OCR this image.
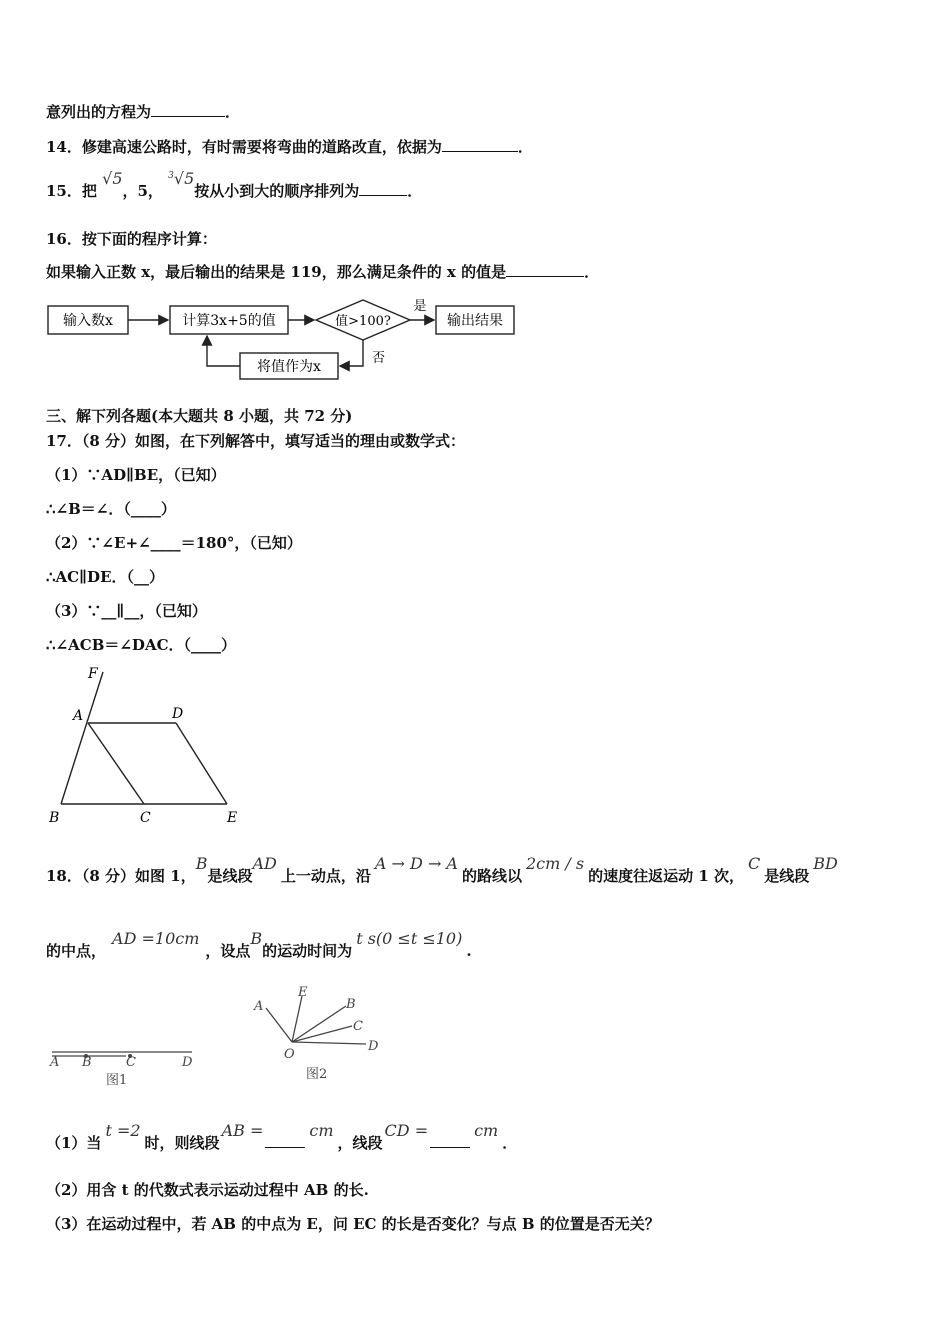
意列出的方程为	．
14．修建高速公路时，有时需要将弯曲的道路改直，依据为	．
15．把 √5，5， $^3$√5按从小到大的顺序排列为	．
16．按下面的程序计算：
如果输入正数 x，最后输出的结果是 119，那么满足条件的 x 的值是	．
输入数x	计算3x+5的值	值>100?
是
输出结果
否
将值作为x
三、解下列各题(本大题共 8 小题，共 72 分)
17．（8 分）如图，在下列解答中，填写适当的理由或数学式：
（1）∵AD∥BE，（已知）
∴∠B＝∠．（____）
（2）∵∠E+∠____＝180°，（已知）
∴AC∥DE．（__）
（3）∵__∥__，（已知）
∴∠ACB＝∠DAC．（____）
F
A	D
B	C	E
18．（8 分）如图 1，B是线段AD上一动点，沿A → D → A的路线以2cm / s的速度往返运动 1 次，C是线段BD
的中点，AD =10cm，设点B的运动时间为t s(0 ≤t ≤10).
A B	C	D
图1
A
E
B
C
D
O
图2
（1）当t =2时，则线段AB =	cm，线段CD =	cm．
（2）用含 t 的代数式表示运动过程中 AB 的长.
（3）在运动过程中，若 AB 的中点为 E，问 EC 的长是否变化？与点 B 的位置是否无关？
